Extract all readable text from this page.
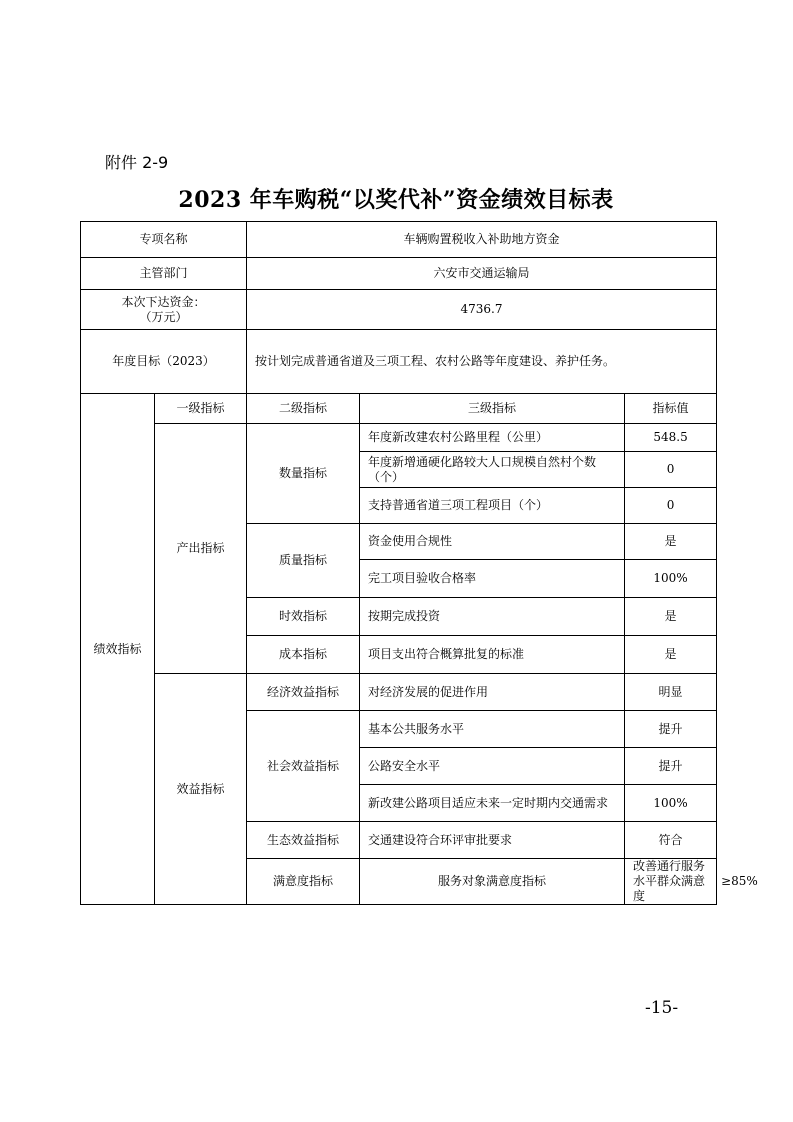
附件 2-9
2023 年车购税“以奖代补”资金绩效目标表
专项名称		车辆购置税收入补助地方资金			
主管部门		六安市交通运输局			

本次下达资金：
（万元）		4736.7			
年度目标（2023）		按计划完成普通省道及三项工程、农村公路等年度建设、养护任务。			
绩效指标	一级指标	二级指标	三级指标	指标值	
	产出指标	数量指标	年度新改建农村公路里程（公里）	548.5	
			年度新增通硬化路较大人口规模自然村个数（个）	0	
			支持普通省道三项工程项目（个）	0	
		质量指标	资金使用合规性	是	
			完工项目验收合格率	100%	
		时效指标	按期完成投资	是	
		成本指标	项目支出符合概算批复的标准	是	
	效益指标	经济效益指标	对经济发展的促进作用	明显	
		社会效益指标	基本公共服务水平	提升	
			公路安全水平	提升	
			新改建公路项目适应未来一定时期内交通需求	100%	
		生态效益指标	交通建设符合环评审批要求	符合	
		满意度指标	服务对象满意度指标	改善通行服务水平群众满意度	≥85%
-15-
